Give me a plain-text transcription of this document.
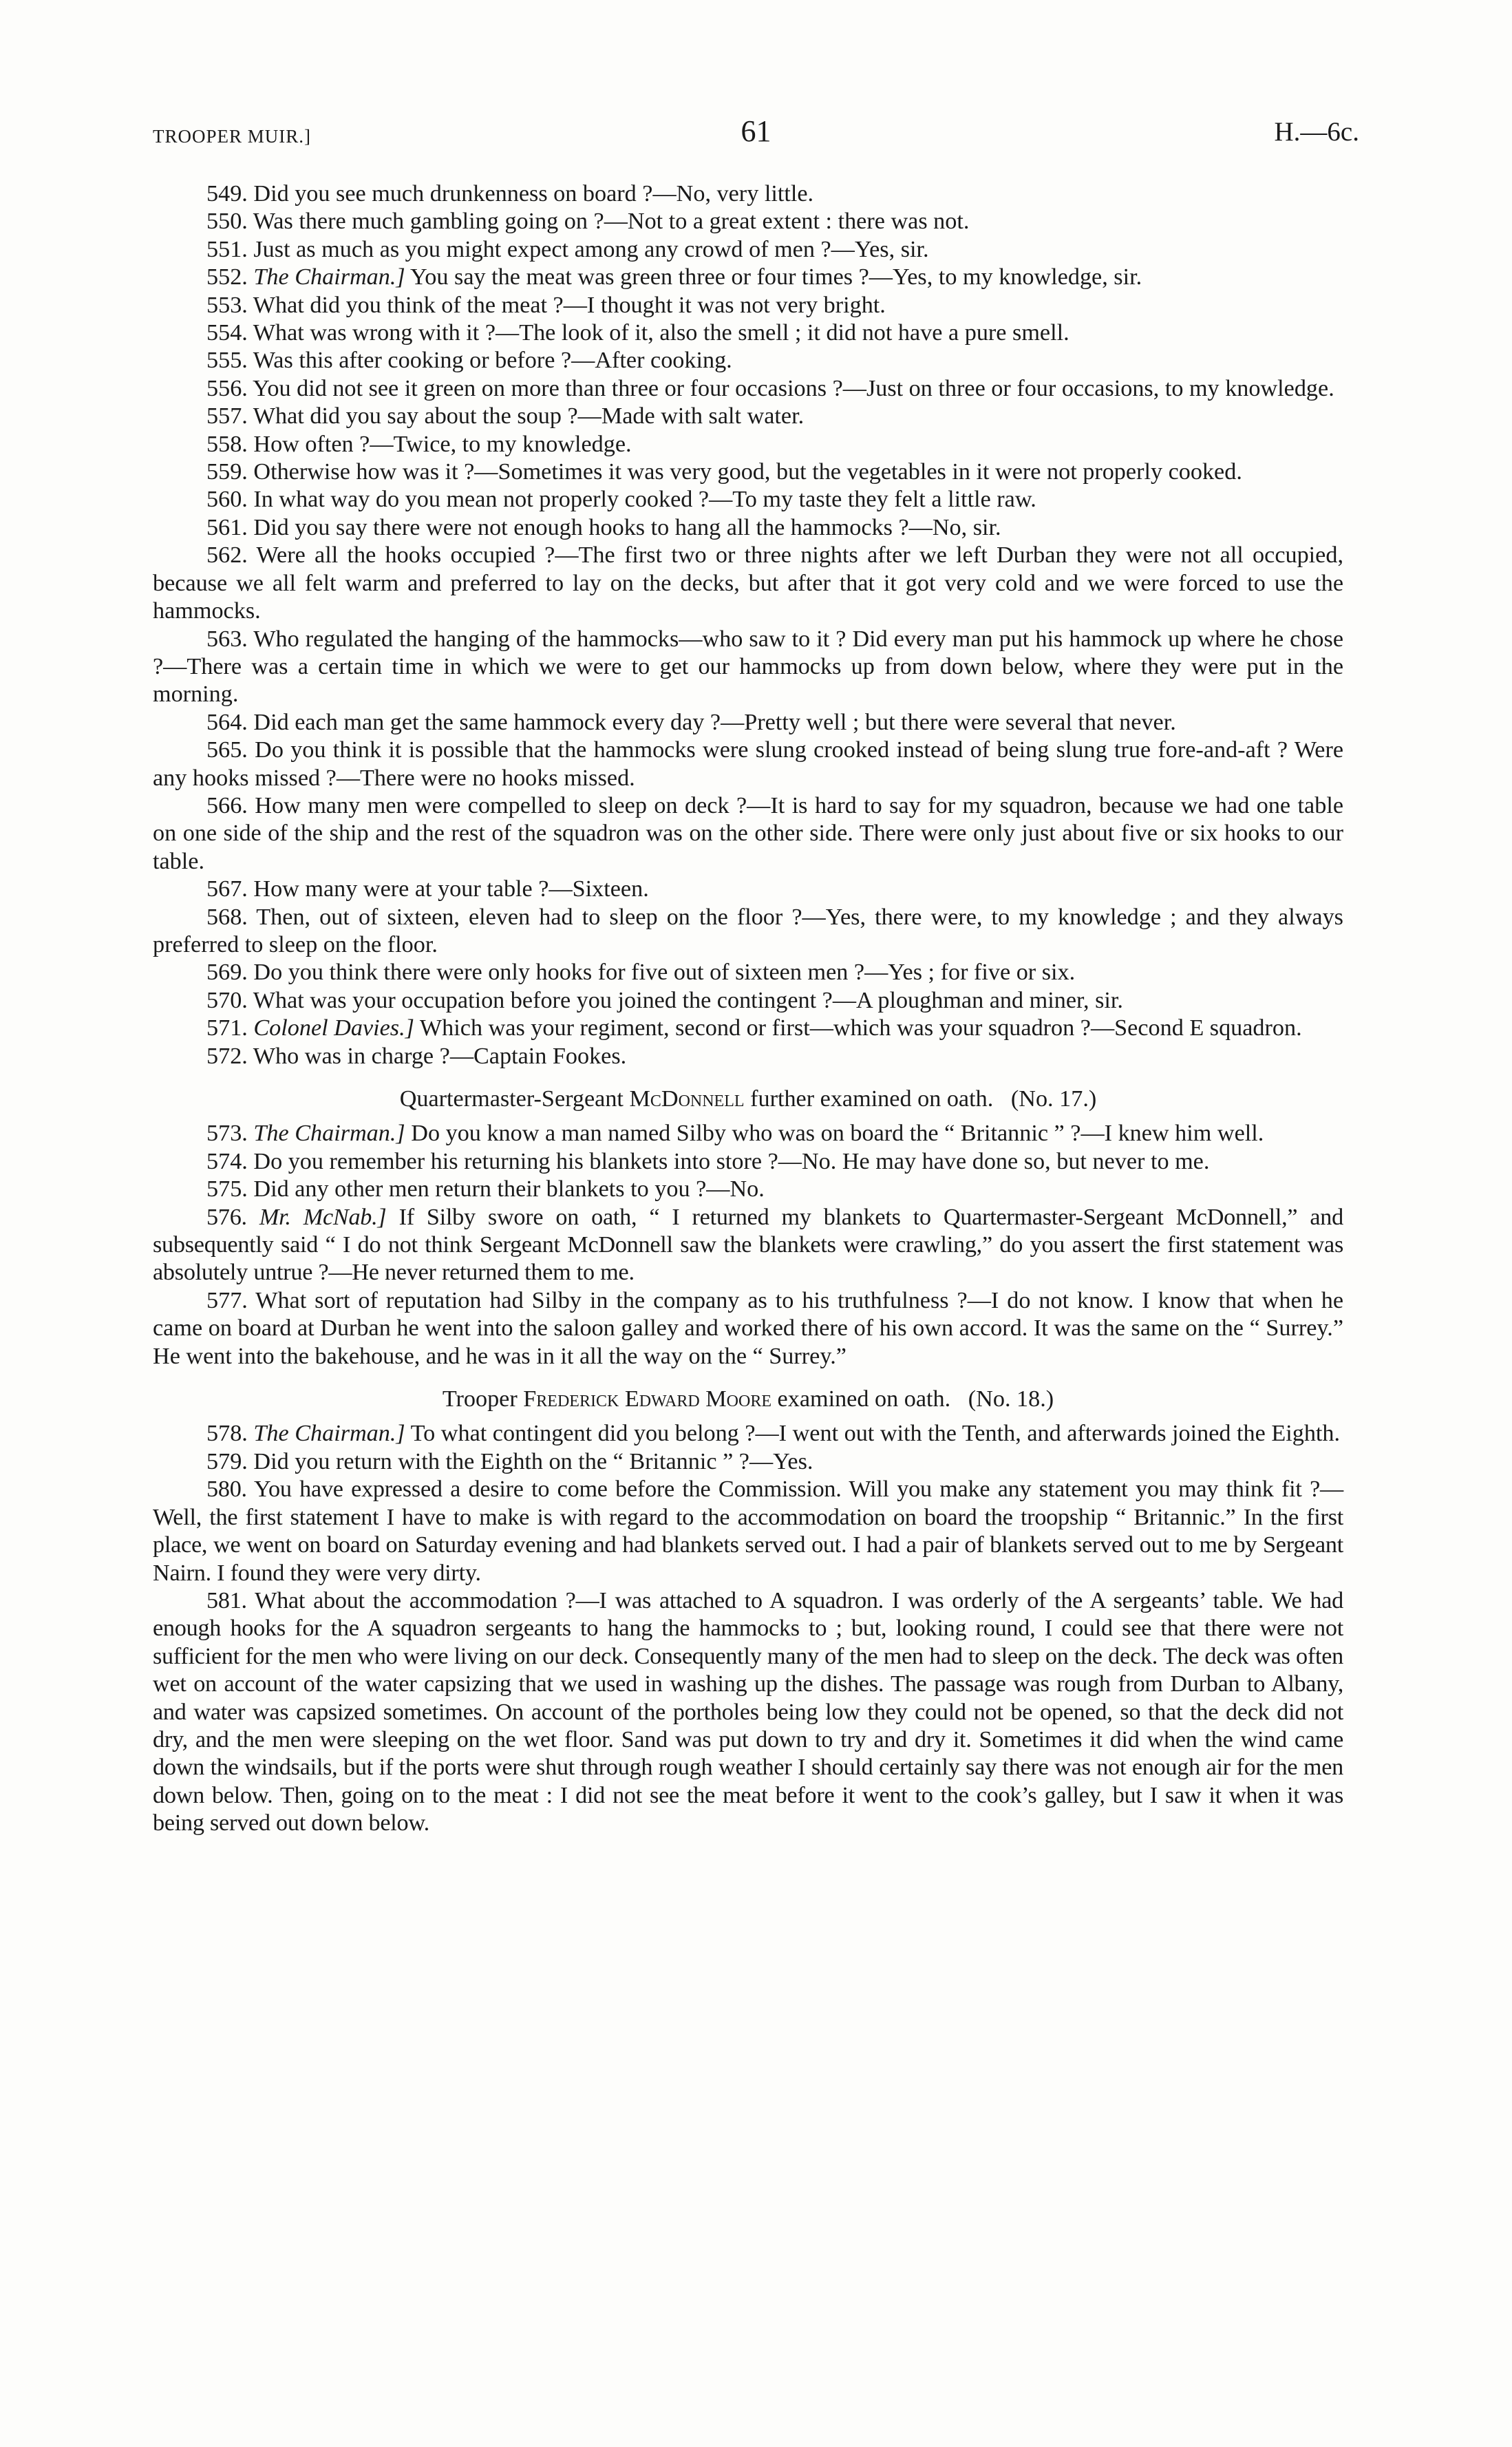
TROOPER MUIR.]	61	H.—6c.

549. Did you see much drunkenness on board ?—No, very little.

550. Was there much gambling going on ?—Not to a great extent : there was not.

551. Just as much as you might expect among any crowd of men ?—Yes, sir.

552. The Chairman.] You say the meat was green three or four times ?—Yes, to my knowledge, sir.

553. What did you think of the meat ?—I thought it was not very bright.

554. What was wrong with it ?—The look of it, also the smell ; it did not have a pure smell.

555. Was this after cooking or before ?—After cooking.

556. You did not see it green on more than three or four occasions ?—Just on three or four occasions, to my knowledge.

557. What did you say about the soup ?—Made with salt water.

558. How often ?—Twice, to my knowledge.

559. Otherwise how was it ?—Sometimes it was very good, but the vegetables in it were not properly cooked.

560. In what way do you mean not properly cooked ?—To my taste they felt a little raw.

561. Did you say there were not enough hooks to hang all the hammocks ?—No, sir.

562. Were all the hooks occupied ?—The first two or three nights after we left Durban they were not all occupied, because we all felt warm and preferred to lay on the decks, but after that it got very cold and we were forced to use the hammocks.

563. Who regulated the hanging of the hammocks—who saw to it ? Did every man put his hammock up where he chose ?—There was a certain time in which we were to get our hammocks up from down below, where they were put in the morning.

564. Did each man get the same hammock every day ?—Pretty well ; but there were several that never.

565. Do you think it is possible that the hammocks were slung crooked instead of being slung true fore-and-aft ? Were any hooks missed ?—There were no hooks missed.

566. How many men were compelled to sleep on deck ?—It is hard to say for my squadron, because we had one table on one side of the ship and the rest of the squadron was on the other side. There were only just about five or six hooks to our table.

567. How many were at your table ?—Sixteen.

568. Then, out of sixteen, eleven had to sleep on the floor ?—Yes, there were, to my knowledge ; and they always preferred to sleep on the floor.

569. Do you think there were only hooks for five out of sixteen men ?—Yes ; for five or six.

570. What was your occupation before you joined the contingent ?—A ploughman and miner, sir.

571. Colonel Davies.] Which was your regiment, second or first—which was your squadron ?—Second E squadron.

572. Who was in charge ?—Captain Fookes.

Quartermaster-Sergeant McDonnell further examined on oath. (No. 17.)

573. The Chairman.] Do you know a man named Silby who was on board the “ Britannic ” ?—I knew him well.

574. Do you remember his returning his blankets into store ?—No. He may have done so, but never to me.

575. Did any other men return their blankets to you ?—No.

576. Mr. McNab.] If Silby swore on oath, “ I returned my blankets to Quartermaster-Sergeant McDonnell,” and subsequently said “ I do not think Sergeant McDonnell saw the blankets were crawling,” do you assert the first statement was absolutely untrue ?—He never returned them to me.

577. What sort of reputation had Silby in the company as to his truthfulness ?—I do not know. I know that when he came on board at Durban he went into the saloon galley and worked there of his own accord. It was the same on the “ Surrey.” He went into the bakehouse, and he was in it all the way on the “ Surrey.”

Trooper Frederick Edward Moore examined on oath. (No. 18.)

578. The Chairman.] To what contingent did you belong ?—I went out with the Tenth, and afterwards joined the Eighth.

579. Did you return with the Eighth on the “ Britannic ” ?—Yes.

580. You have expressed a desire to come before the Commission. Will you make any statement you may think fit ?—Well, the first statement I have to make is with regard to the accommodation on board the troopship “ Britannic.” In the first place, we went on board on Saturday evening and had blankets served out. I had a pair of blankets served out to me by Sergeant Nairn. I found they were very dirty.

581. What about the accommodation ?—I was attached to A squadron. I was orderly of the A sergeants’ table. We had enough hooks for the A squadron sergeants to hang the hammocks to ; but, looking round, I could see that there were not sufficient for the men who were living on our deck. Consequently many of the men had to sleep on the deck. The deck was often wet on account of the water capsizing that we used in washing up the dishes. The passage was rough from Durban to Albany, and water was capsized sometimes. On account of the portholes being low they could not be opened, so that the deck did not dry, and the men were sleeping on the wet floor. Sand was put down to try and dry it. Sometimes it did when the wind came down the windsails, but if the ports were shut through rough weather I should certainly say there was not enough air for the men down below. Then, going on to the meat : I did not see the meat before it went to the cook’s galley, but I saw it when it was being served out down below.
